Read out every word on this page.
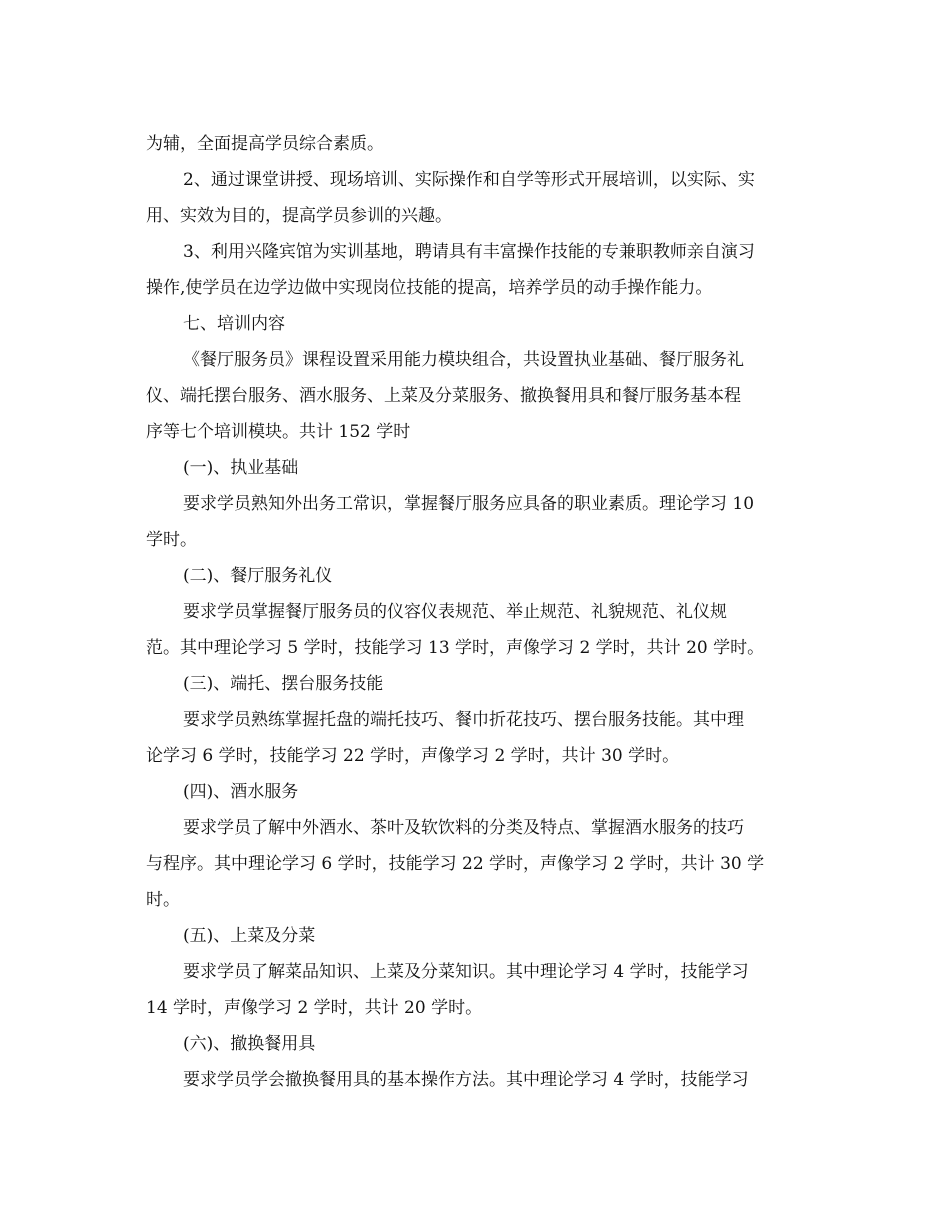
为辅，全面提高学员综合素质。
2、通过课堂讲授、现场培训、实际操作和自学等形式开展培训，以实际、实
用、实效为目的，提高学员参训的兴趣。
3、利用兴隆宾馆为实训基地，聘请具有丰富操作技能的专兼职教师亲自演习
操作,使学员在边学边做中实现岗位技能的提高，培养学员的动手操作能力。
七、培训内容
《餐厅服务员》课程设置采用能力模块组合，共设置执业基础、餐厅服务礼
仪、端托摆台服务、酒水服务、上菜及分菜服务、撤换餐用具和餐厅服务基本程
序等七个培训模块。共计 152 学时
(一)、执业基础
要求学员熟知外出务工常识，掌握餐厅服务应具备的职业素质。理论学习 10
学时。
(二)、餐厅服务礼仪
要求学员掌握餐厅服务员的仪容仪表规范、举止规范、礼貌规范、礼仪规
范。其中理论学习 5 学时，技能学习 13 学时，声像学习 2 学时，共计 20 学时。
(三)、端托、摆台服务技能
要求学员熟练掌握托盘的端托技巧、餐巾折花技巧、摆台服务技能。其中理
论学习 6 学时，技能学习 22 学时，声像学习 2 学时，共计 30 学时。
(四)、酒水服务
要求学员了解中外酒水、茶叶及软饮料的分类及特点、掌握酒水服务的技巧
与程序。其中理论学习 6 学时，技能学习 22 学时，声像学习 2 学时，共计 30 学
时。
(五)、上菜及分菜
要求学员了解菜品知识、上菜及分菜知识。其中理论学习 4 学时，技能学习
14 学时，声像学习 2 学时，共计 20 学时。
(六)、撤换餐用具
要求学员学会撤换餐用具的基本操作方法。其中理论学习 4 学时，技能学习
